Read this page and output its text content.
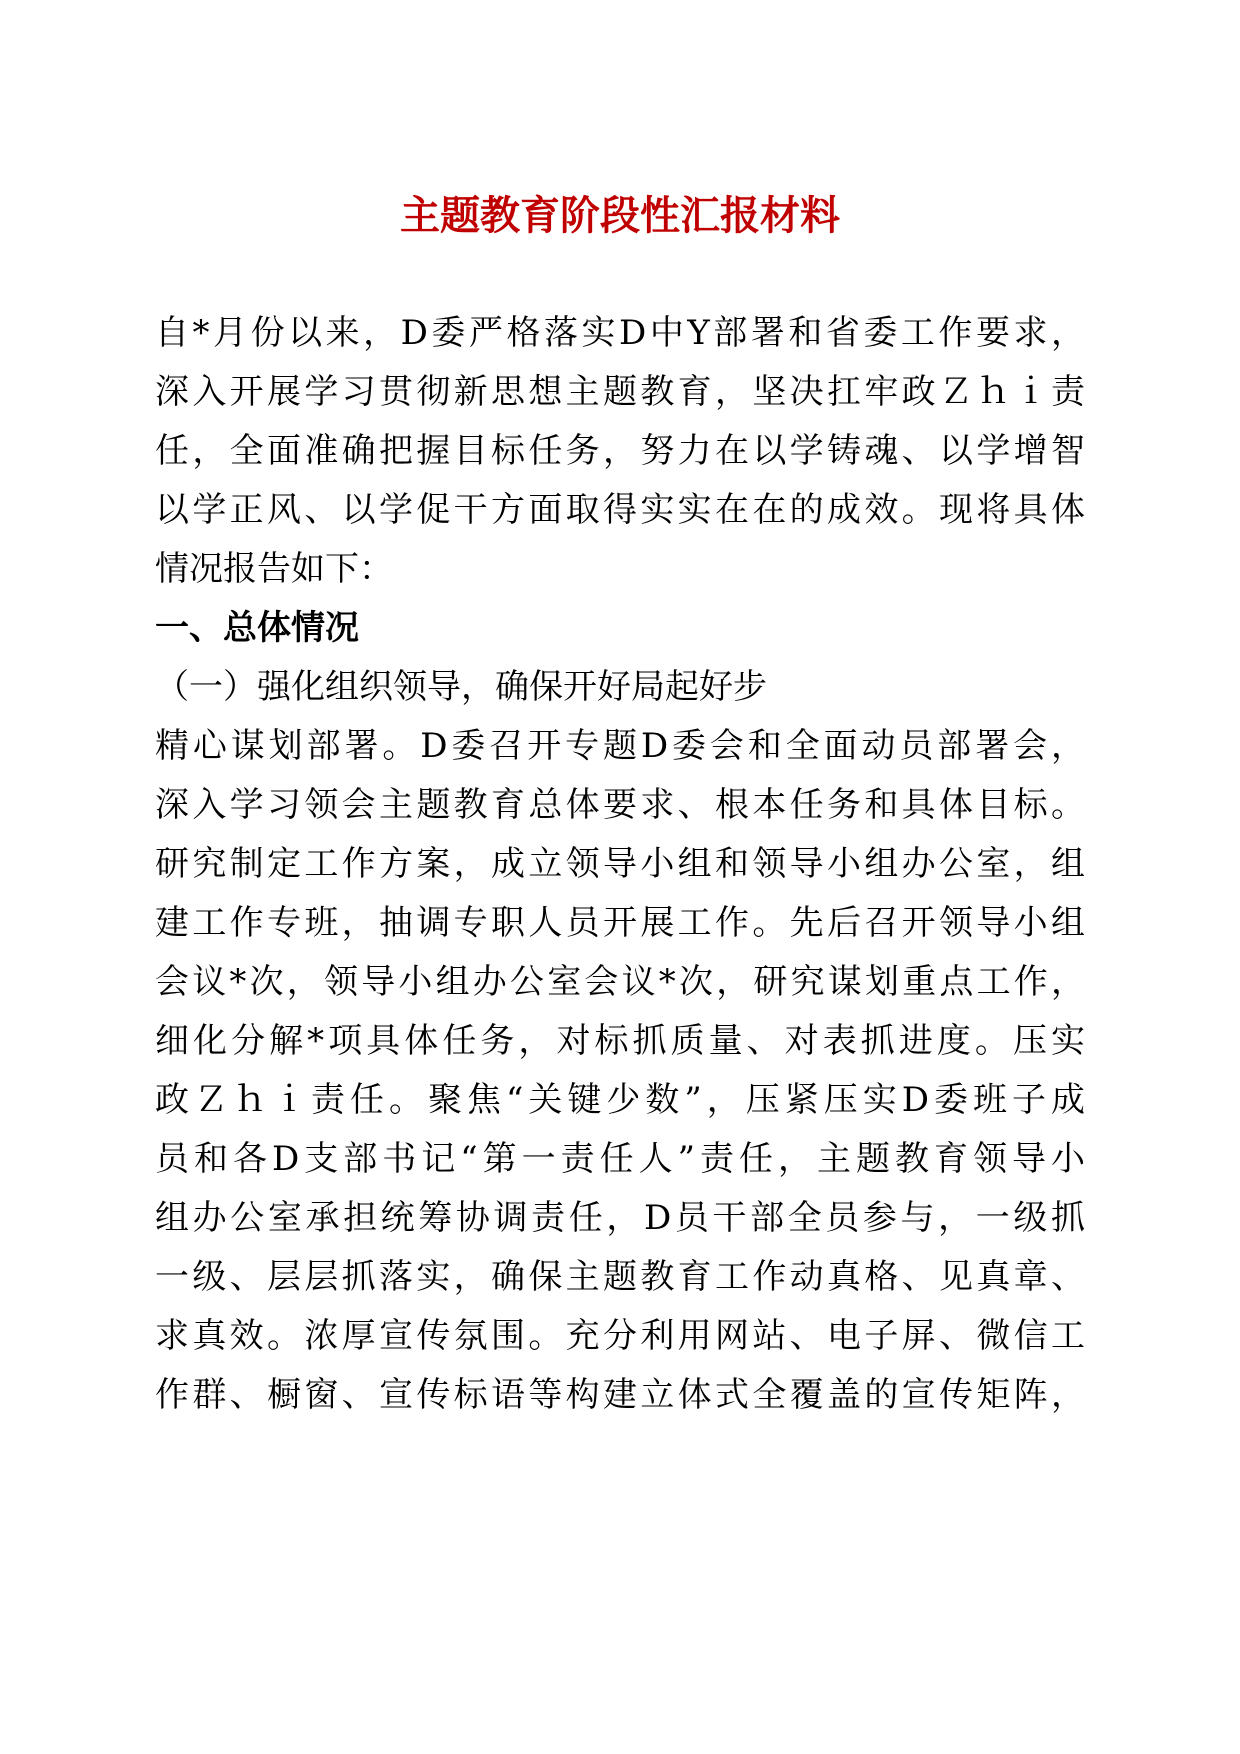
主题教育阶段性汇报材料

自*月份以来，D委严格落实D中Y部署和省委工作要求，

深入开展学习贯彻新思想主题教育，坚决扛牢政Ｚｈｉ责

任，全面准确把握目标任务，努力在以学铸魂、以学增智

以学正风、以学促干方面取得实实在在的成效。现将具体

情况报告如下：

一、总体情况

（一）强化组织领导，确保开好局起好步

精心谋划部署。D委召开专题D委会和全面动员部署会，

深入学习领会主题教育总体要求、根本任务和具体目标。

研究制定工作方案，成立领导小组和领导小组办公室，组

建工作专班，抽调专职人员开展工作。先后召开领导小组

会议*次，领导小组办公室会议*次，研究谋划重点工作，

细化分解*项具体任务，对标抓质量、对表抓进度。压实

政Ｚｈｉ责任。聚焦“关键少数”，压紧压实D委班子成

员和各D支部书记“第一责任人”责任，主题教育领导小

组办公室承担统筹协调责任，D员干部全员参与，一级抓

一级、层层抓落实，确保主题教育工作动真格、见真章、

求真效。浓厚宣传氛围。充分利用网站、电子屏、微信工

作群、橱窗、宣传标语等构建立体式全覆盖的宣传矩阵，
